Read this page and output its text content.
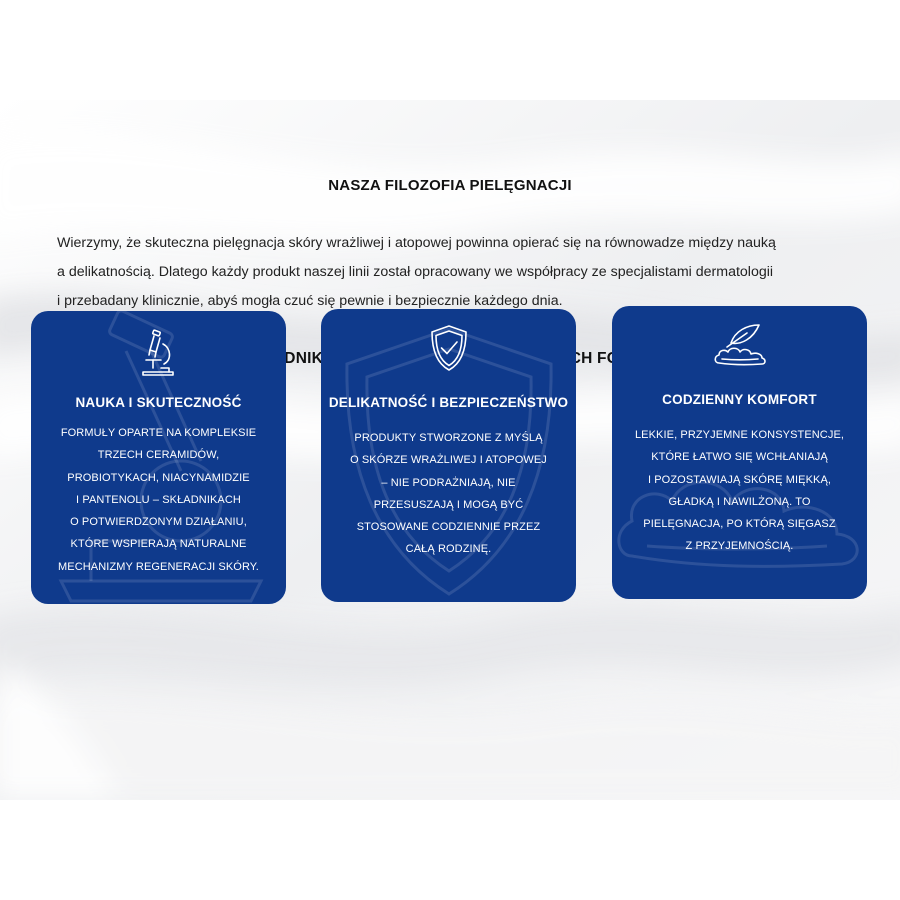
NASZA FILOZOFIA PIELĘGNACJI
Wierzymy, że skuteczna pielęgnacja skóry wrażliwej i atopowej powinna opierać się na równowadze między nauką
a delikatnością. Dlatego każdy produkt naszej linii został opracowany we współpracy ze specjalistami dermatologii
i przebadany klinicznie, abyś mogła czuć się pewnie i bezpiecznie każdego dnia.
SKŁADNIKÓW
NAUKA I SKUTECZNOŚĆ
FORMUŁY OPARTE NA KOMPLEKSIE
TRZECH CERAMIDÓW,
PROBIOTYKACH, NIACYNAMIDZIE
I PANTENOLU – SKŁADNIKACH
O POTWIERDZONYM DZIAŁANIU,
KTÓRE WSPIERAJĄ NATURALNE
MECHANIZMY REGENERACJI SKÓRY.
DELIKATNOŚĆ I BEZPIECZEŃSTWO
PRODUKTY STWORZONE Z MYŚLĄ
O SKÓRZE WRAŻLIWEJ I ATOPOWEJ
– NIE PODRAŻNIAJĄ, NIE
PRZESUSZAJĄ I MOGĄ BYĆ
STOSOWANE CODZIENNIE PRZEZ
CAŁĄ RODZINĘ.
CODZIENNY KOMFORT
LEKKIE, PRZYJEMNE KONSYSTENCJE,
KTÓRE ŁATWO SIĘ WCHŁANIAJĄ
I POZOSTAWIAJĄ SKÓRĘ MIĘKKĄ,
GŁADKĄ I NAWILŻONĄ. TO
PIELĘGNACJA, PO KTÓRĄ SIĘGASZ
Z PRZYJEMNOŚCIĄ.
